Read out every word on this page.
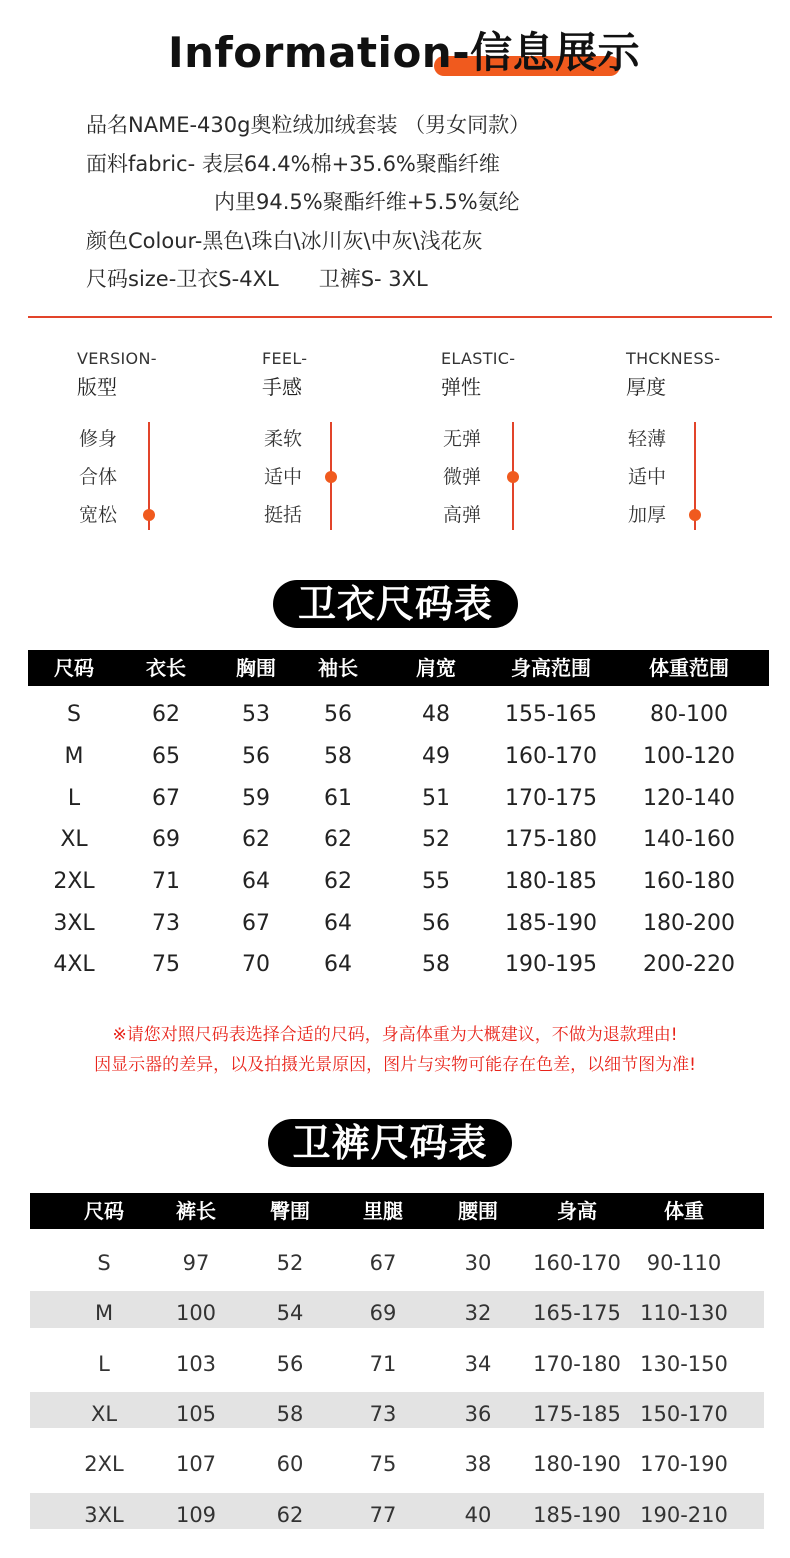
Information-信息展示
品名NAME-430g奥粒绒加绒套装 （男女同款）
面料fabric- 表层64.4%棉+35.6%聚酯纤维
内里94.5%聚酯纤维+5.5%氨纶
颜色Colour-黑色\珠白\冰川灰\中灰\浅花灰
尺码size-卫衣S-4XL      卫裤S- 3XL
VERSION-
版型
修身
合体
宽松
FEEL-
手感
柔软
适中
挺括
ELASTIC-
弹性
无弹
微弹
高弹
THCKNESS-
厚度
轻薄
适中
加厚
卫衣尺码表
尺码	衣长	胸围	袖长	肩宽	身高范围	体重范围
S	62	53	56	48	155-165	80-100
M	65	56	58	49	160-170	100-120
L	67	59	61	51	170-175	120-140
XL	69	62	62	52	175-180	140-160
2XL	71	64	62	55	180-185	160-180
3XL	73	67	64	56	185-190	180-200
4XL	75	70	64	58	190-195	200-220
※请您对照尺码表选择合适的尺码，身高体重为大概建议，不做为退款理由!
因显示器的差异，以及拍摄光景原因，图片与实物可能存在色差，以细节图为准!
卫裤尺码表
尺码	裤长	臀围	里腿	腰围	身高	体重
S	97	52	67	30	160-170	90-110
M	100	54	69	32	165-175 110-130
L	103	56	71	34	170-180 130-150
XL	105	58	73	36	175-185 150-170
2XL	107	60	75	38	180-190 170-190
3XL	109	62	77	40	185-190 190-210
